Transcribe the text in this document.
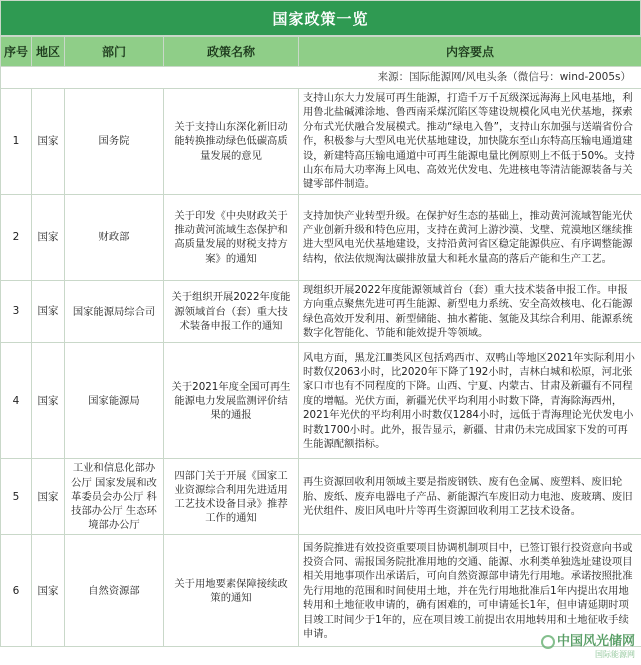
国家政策一览
序号	地区	部门	政策名称	内容要点
来源：国际能源网/风电头条（微信号：wind-2005s）				
1	国家	国务院	关于支持山东深化新旧动能转换推动绿色低碳高质量发展的意见	支持山东大力发展可再生能源，打造千万千瓦级深远海海上风电基地，利用鲁北盐碱滩涂地、鲁西南采煤沉陷区等建设规模化风电光伏基地，探索分布式光伏融合发展模式。推动“绿电入鲁”，支持山东加强与送端省份合作，积极参与大型风电光伏基地建设，加快陇东至山东特高压输电通道建设，新建特高压输电通道中可再生能源电量比例原则上不低于50%。支持山东布局大功率海上风电、高效光伏发电、先进核电等清洁能源装备与关键零部件制造。
2	国家	财政部	关于印发《中央财政关于推动黄河流域生态保护和高质量发展的财税支持方案》的通知	支持加快产业转型升级。在保护好生态的基础上，推动黄河流域智能光伏产业创新升级和特色应用，支持在黄河上游沙漠、戈壁、荒漠地区继续推进大型风电光伏基地建设，支持沿黄河省区稳定能源供应、有序调整能源结构，依法依规淘汰碳排放量大和耗水量高的落后产能和生产工艺。
3	国家	国家能源局综合司	关于组织开展2022年度能源领域首台（套）重大技术装备申报工作的通知	现组织开展2022年度能源领域首台（套）重大技术装备申报工作。申报方向重点聚焦先进可再生能源、新型电力系统、安全高效核电、化石能源绿色高效开发利用、新型储能、抽水蓄能、氢能及其综合利用、能源系统数字化智能化、节能和能效提升等领域。
4	国家	国家能源局	关于2021年度全国可再生能源电力发展监测评价结果的通报	风电方面，黑龙江Ⅲ类风区包括鸡西市、双鸭山等地区2021年实际利用小时数仅2063小时，比2020年下降了192小时，吉林白城和松原，河北张家口市也有不同程度的下降。山西、宁夏、内蒙古、甘肃及新疆有不同程度的增幅。光伏方面，新疆光伏平均利用小时数下降，青海除海西州，2021年光伏的平均利用小时数仅1284小时，远低于青海理论光伏发电小时数1700小时。此外，报告显示，新疆、甘肃仍未完成国家下发的可再生能源配额指标。
5	国家	工业和信息化部办公厅 国家发展和改革委员会办公厅 科技部办公厅 生态环境部办公厅	四部门关于开展《国家工业资源综合利用先进适用工艺技术设备目录》推荐工作的通知	再生资源回收利用领域主要是指废钢铁、废有色金属、废塑料、废旧轮胎、废纸、废弃电器电子产品、新能源汽车废旧动力电池、废玻璃、废旧光伏组件、废旧风电叶片等再生资源回收利用工艺技术设备。
6	国家	自然资源部	关于用地要素保障接续政策的通知	国务院推进有效投资重要项目协调机制项目中，已签订银行投资意向书或投资合同、需报国务院批准用地的交通、能源、水利类单独选址建设项目相关用地事项作出承诺后，可向自然资源部申请先行用地。承诺按照批准先行用地的范围和时间使用土地，并在先行用地批准后1年内提出农用地转用和土地征收申请的，确有困难的，可申请延长1年，但申请延期时项目竣工时间少于1年的，应在项目竣工前提出农用地转用和土地征收手续申请。	中国风光储网
国际能源网
